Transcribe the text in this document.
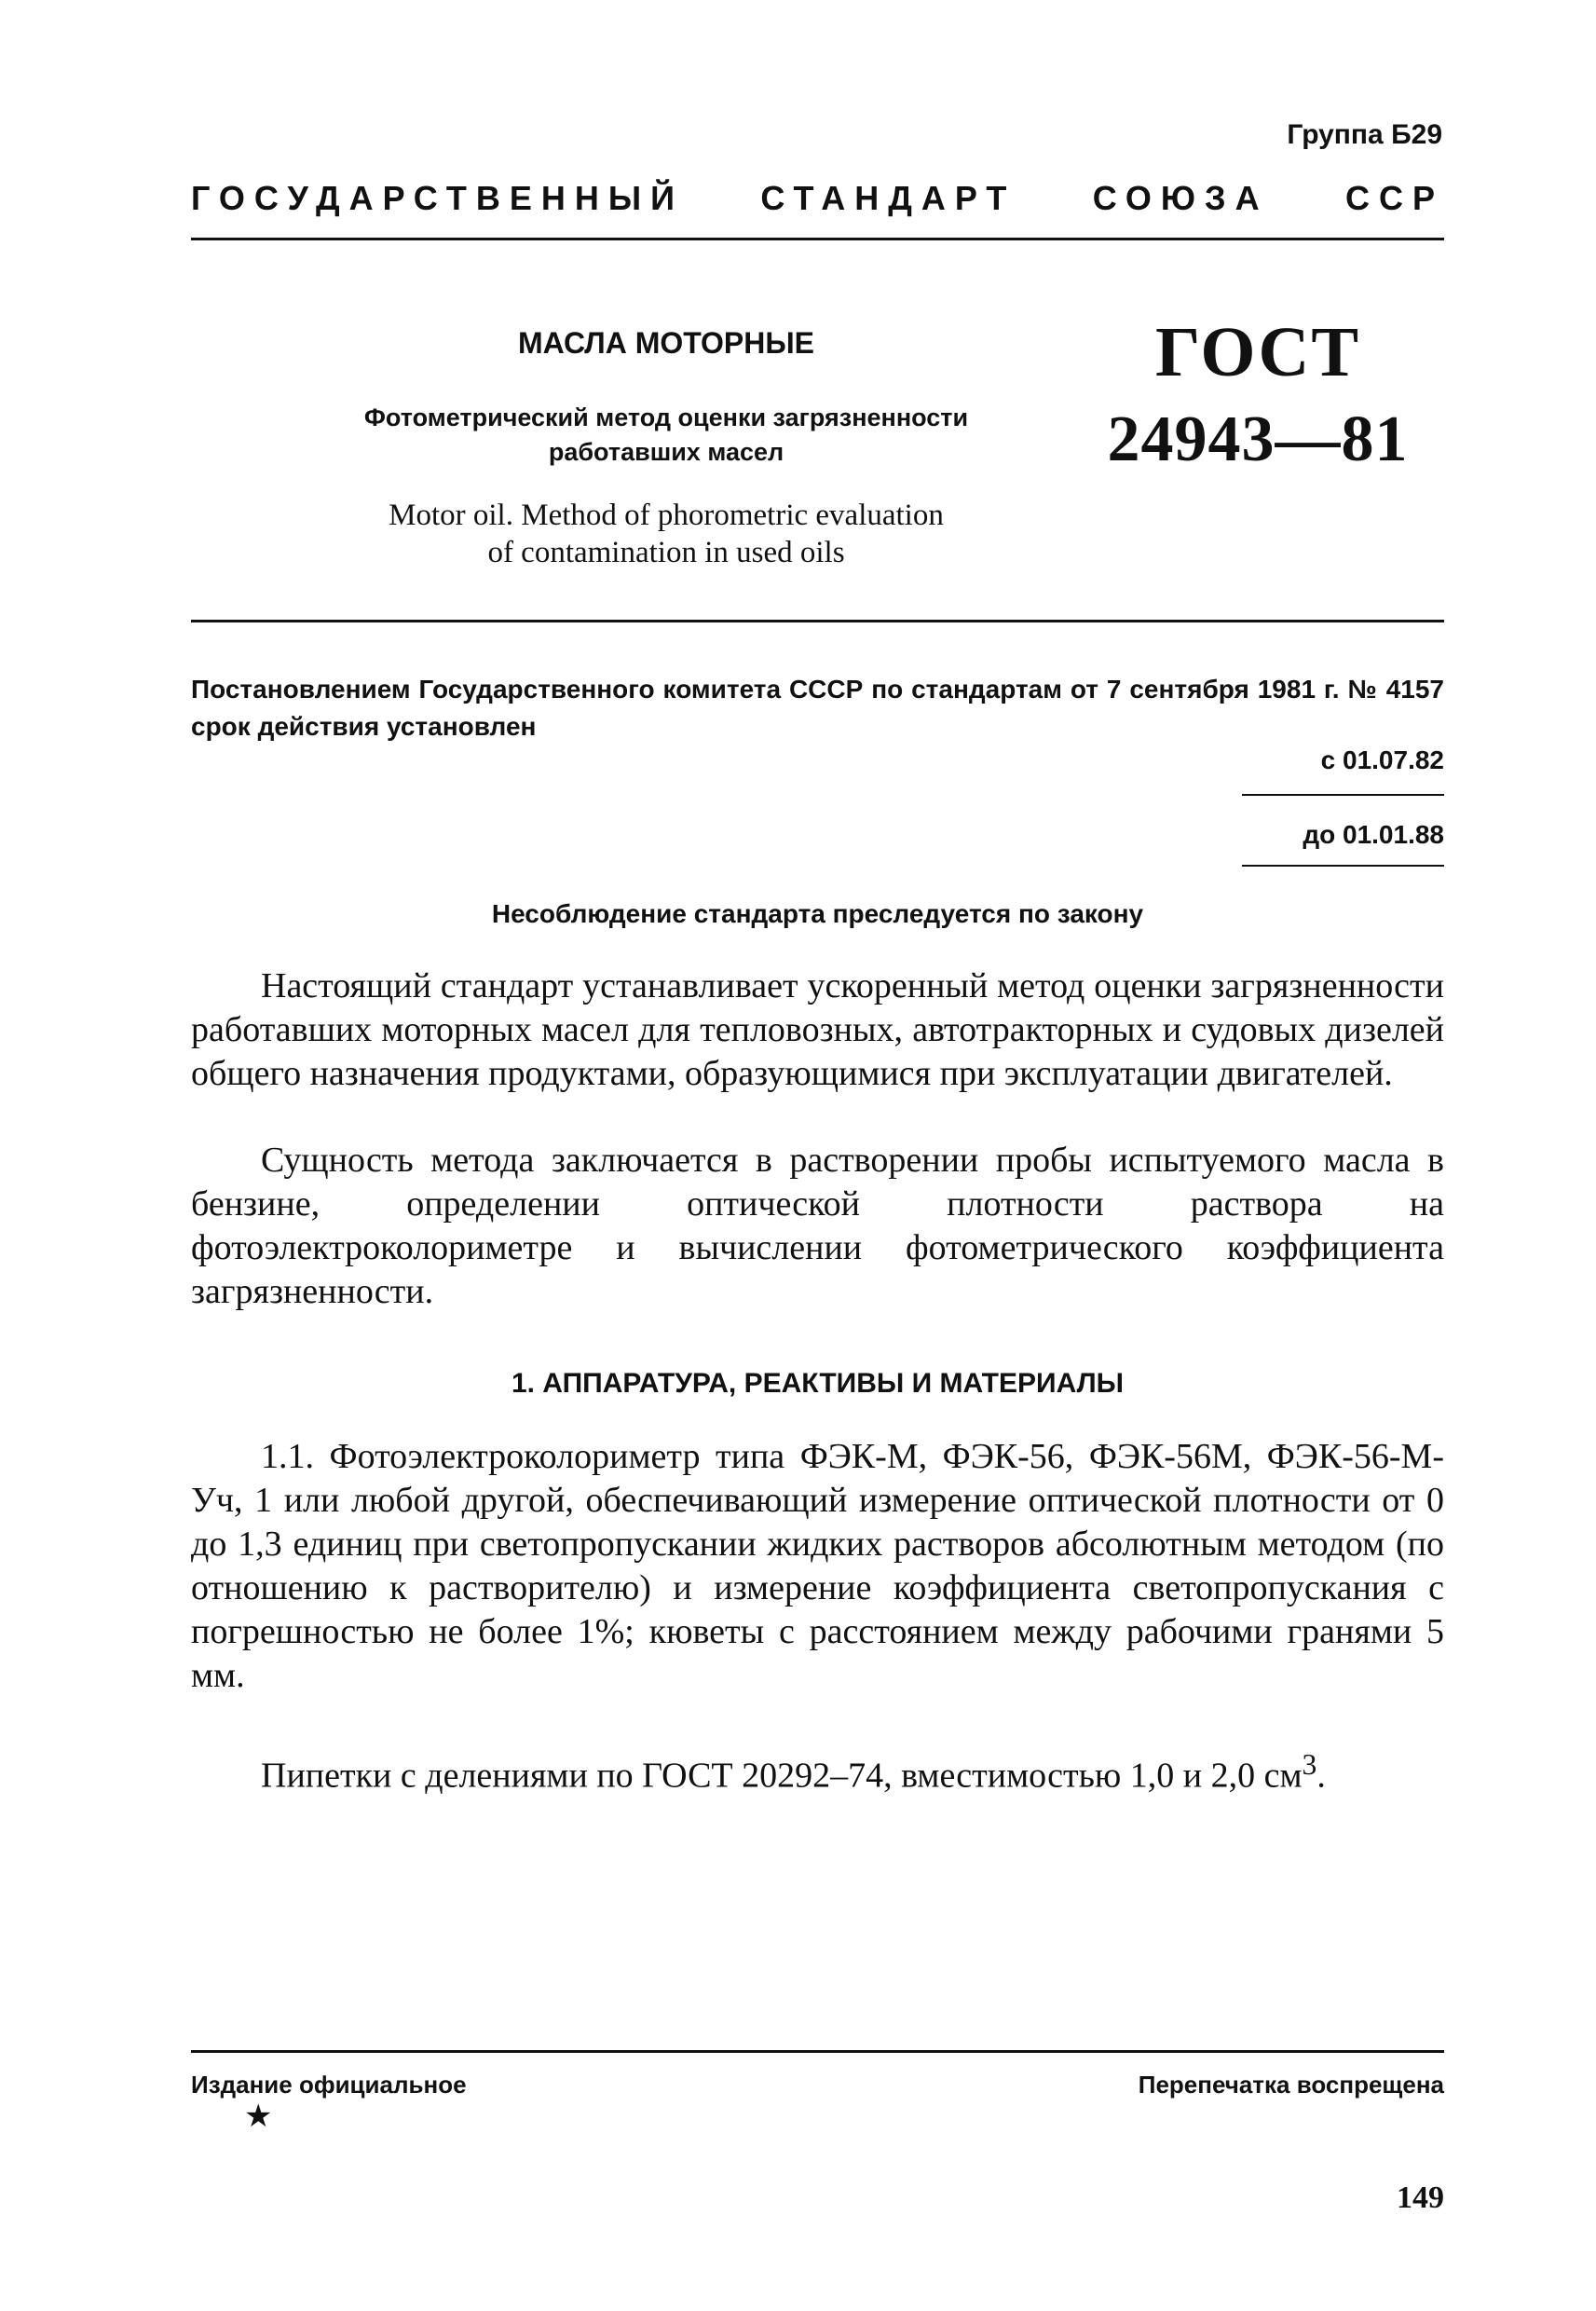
Группа Б29
ГОСУДАРСТВЕННЫЙ СТАНДАРТ СОЮЗА ССР
МАСЛА МОТОРНЫЕ
Фотометрический метод оценки загрязненности
работавших масел
Motor oil. Method of phorometric evaluation
of contamination in used oils
ГОСТ
24943—81
Постановлением Государственного комитета СССР по стандартам от 7 сентября 1981 г. № 4157 срок действия установлен
с 01.07.82
до 01.01.88
Несоблюдение стандарта преследуется по закону

Настоящий стандарт устанавливает ускоренный метод оценки загрязненности работавших моторных масел для тепловозных, автотракторных и судовых дизелей общего назначения продуктами, образующимися при эксплуатации двигателей.

Сущность метода заключается в растворении пробы испытуемого масла в бензине, определении оптической плотности раствора на фотоэлектроколориметре и вычислении фотометрического коэффициента загрязненности.

1. АППАРАТУРА, РЕАКТИВЫ И МАТЕРИАЛЫ

1.1. Фотоэлектроколориметр типа ФЭК-М, ФЭК-56, ФЭК-56М, ФЭК-56-М-Уч, 1 или любой другой, обеспечивающий измерение оптической плотности от 0 до 1,3 единиц при светопропускании жидких растворов абсолютным методом (по отношению к растворителю) и измерение коэффициента светопропускания с погрешностью не более 1%; кюветы с расстоянием между рабочими гранями 5 мм.

Пипетки с делениями по ГОСТ 20292–74, вместимостью 1,0 и 2,0 $см^3$.

Издание официальное
★
Перепечатка воспрещена
149
